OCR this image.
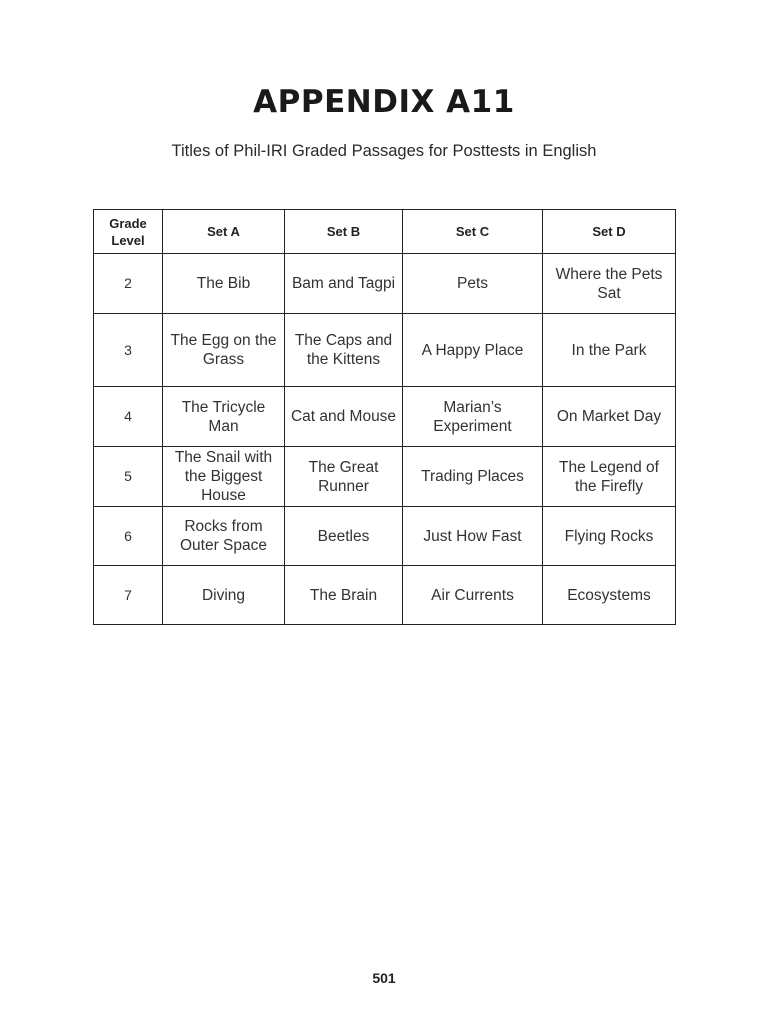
APPENDIX A11

Titles of Phil-IRI Graded Passages for Posttests in English

Grade Level	Set A	Set B	Set C	Set D
2	The Bib	Bam and Tagpi	Pets	Where the Pets Sat
3	The Egg on the Grass	The Caps and the Kittens	A Happy Place	In the Park
4	The Tricycle Man	Cat and Mouse	Marian’s Experiment	On Market Day
5	The Snail with the Biggest House	The Great Runner	Trading Places	The Legend of the Firefly
6	Rocks from Outer Space	Beetles	Just How Fast	Flying Rocks
7	Diving	The Brain	Air Currents	Ecosystems
501
